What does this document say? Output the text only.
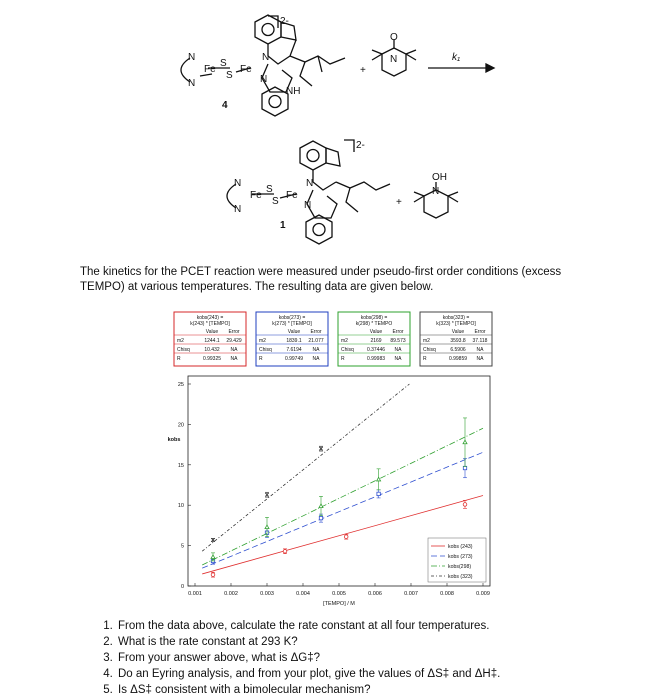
2-
Fe
S
S
Fe
N
N
N
N
NH
+
N
O
k₁
4
2-
Fe
S
S
Fe
N
N
N
N	+
OH
N
1
The kinetics for the PCET reaction were measured under pseudo-first order conditions (excess TEMPO) at various temperatures. The resulting data are given below.
kobs(243) =
k(243) * [TEMPO]
Value Error
m2	1244.1 29.429
Chisq	10.432 NA
R	0.99325 NA
kobs(273) =
k(273) * [TEMPO]
Value Error
m2	1839.1 21.077
Chisq	7.6194 NA
R	0.99749 NA
kobs(298) =
k(298) * TEMPO
Value Error
m2	2169 89.573
Chisq	0.37446 NA
R	0.99983 NA
kobs(323) =
k(323) * [TEMPO]
Value Error
m2	3593.8 37.118
Chisq	6.5906 NA
R	0.99859 NA
0.001	0.002	0.003	0.004	0.005	0.006	0.007	0.008	0.009
0
5
10
15
20
25
[TEMPO] / M
kobs
kobs (243)
kobs (273)
kobs(298)
kobs (323)
1. From the data above, calculate the rate constant at all four temperatures.
2. What is the rate constant at 293 K?
3. From your answer above, what is ΔG‡?
4. Do an Eyring analysis, and from your plot, give the values of ΔS‡ and ΔH‡.
5. Is ΔS‡ consistent with a bimolecular mechanism?
